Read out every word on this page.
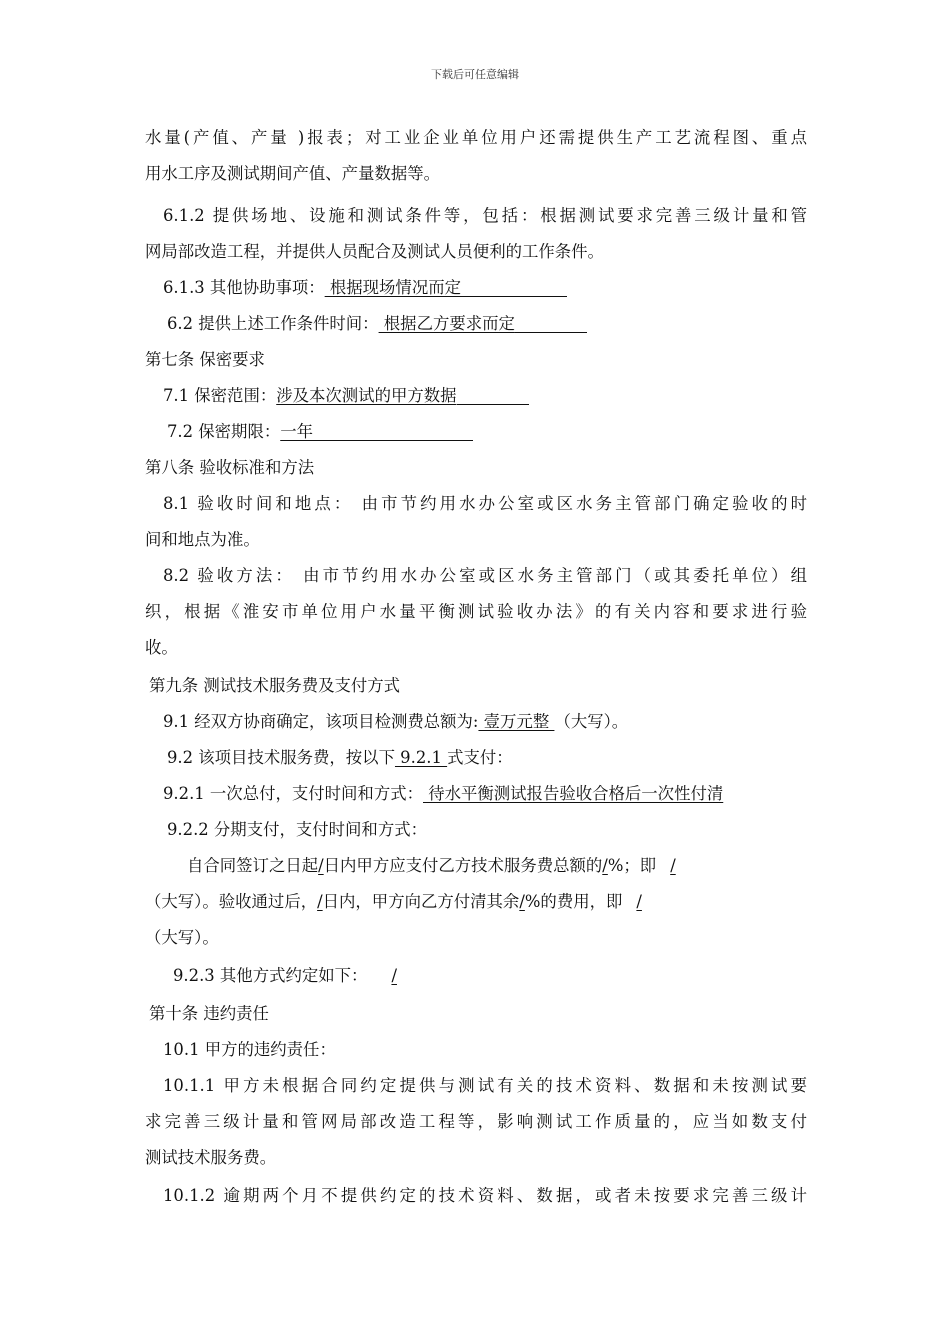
下载后可任意编辑
水量(产值、产量 )报表；对工业企业单位用户还需提供生产工艺流程图、重点
用水工序及测试期间产值、产量数据等。
6.1.2 提供场地、设施和测试条件等，包括：根据测试要求完善三级计量和管
网局部改造工程，并提供人员配合及测试人员便利的工作条件。
6.1.3 其他协助事项： 根据现场情况而定
6.2 提供上述工作条件时间： 根据乙方要求而定
第七条 保密要求
7.1 保密范围：涉及本次测试的甲方数据
7.2 保密期限：一年
第八条 验收标准和方法
8.1 验收时间和地点： 由市节约用水办公室或区水务主管部门确定验收的时
间和地点为准。
8.2 验收方法： 由市节约用水办公室或区水务主管部门（或其委托单位）组
织，根据《淮安市单位用户水量平衡测试验收办法》的有关内容和要求进行验
收。
第九条 测试技术服务费及支付方式
9.1 经双方协商确定，该项目检测费总额为: 壹万元整 （大写）。
9.2 该项目技术服务费，按以下 9.2.1 式支付：
9.2.1 一次总付，支付时间和方式： 待水平衡测试报告验收合格后一次性付清
9.2.2 分期支付，支付时间和方式：
自合同签订之日起/日内甲方应支付乙方技术服务费总额的/%；即 /
（大写）。验收通过后，/日内，甲方向乙方付清其余/%的费用，即 /
（大写）。
9.2.3 其他方式约定如下： /
第十条 违约责任
10.1 甲方的违约责任：
10.1.1 甲方未根据合同约定提供与测试有关的技术资料、数据和未按测试要
求完善三级计量和管网局部改造工程等，影响测试工作质量的，应当如数支付
测试技术服务费。
10.1.2 逾期两个月不提供约定的技术资料、数据，或者未按要求完善三级计
